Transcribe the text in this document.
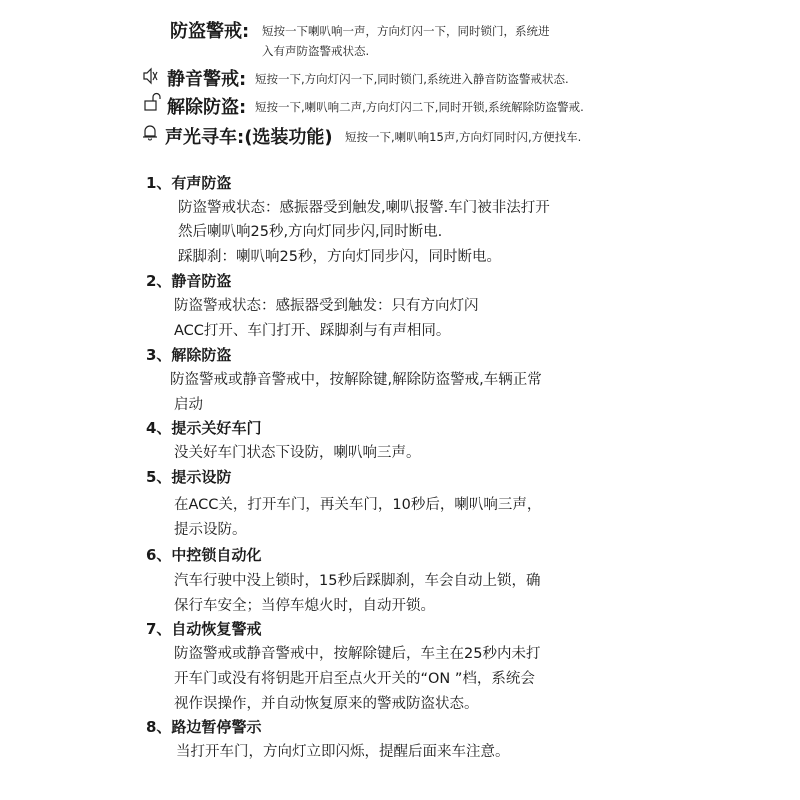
防盗警戒: 短按一下喇叭响一声，方向灯闪一下，同时锁门，系统进
入有声防盗警戒状态.
静音警戒: 短按一下,方向灯闪一下,同时锁门,系统进入静音防盗警戒状态.
解除防盗: 短按一下,喇叭响二声,方向灯闪二下,同时开锁,系统解除防盗警戒.
声光寻车:(选装功能) 短按一下,喇叭响15声,方向灯同时闪,方便找车.
1、有声防盗
防盗警戒状态：感振器受到触发,喇叭报警.车门被非法打开
然后喇叭响25秒,方向灯同步闪,同时断电.
踩脚刹：喇叭响25秒，方向灯同步闪，同时断电。
2、静音防盗
防盗警戒状态：感振器受到触发：只有方向灯闪
ACC打开、车门打开、踩脚刹与有声相同。
3、解除防盗
防盗警戒或静音警戒中，按解除键,解除防盗警戒,车辆正常
启动
4、提示关好车门
没关好车门状态下设防，喇叭响三声。
5、提示设防
在ACC关，打开车门，再关车门，10秒后，喇叭响三声，
提示设防。
6、中控锁自动化
汽车行驶中没上锁时，15秒后踩脚刹，车会自动上锁，确
保行车安全；当停车熄火时，自动开锁。
7、自动恢复警戒
防盗警戒或静音警戒中，按解除键后，车主在25秒内未打
开车门或没有将钥匙开启至点火开关的“ON ”档，系统会
视作误操作，并自动恢复原来的警戒防盗状态。
8、路边暂停警示
当打开车门，方向灯立即闪烁，提醒后面来车注意。
